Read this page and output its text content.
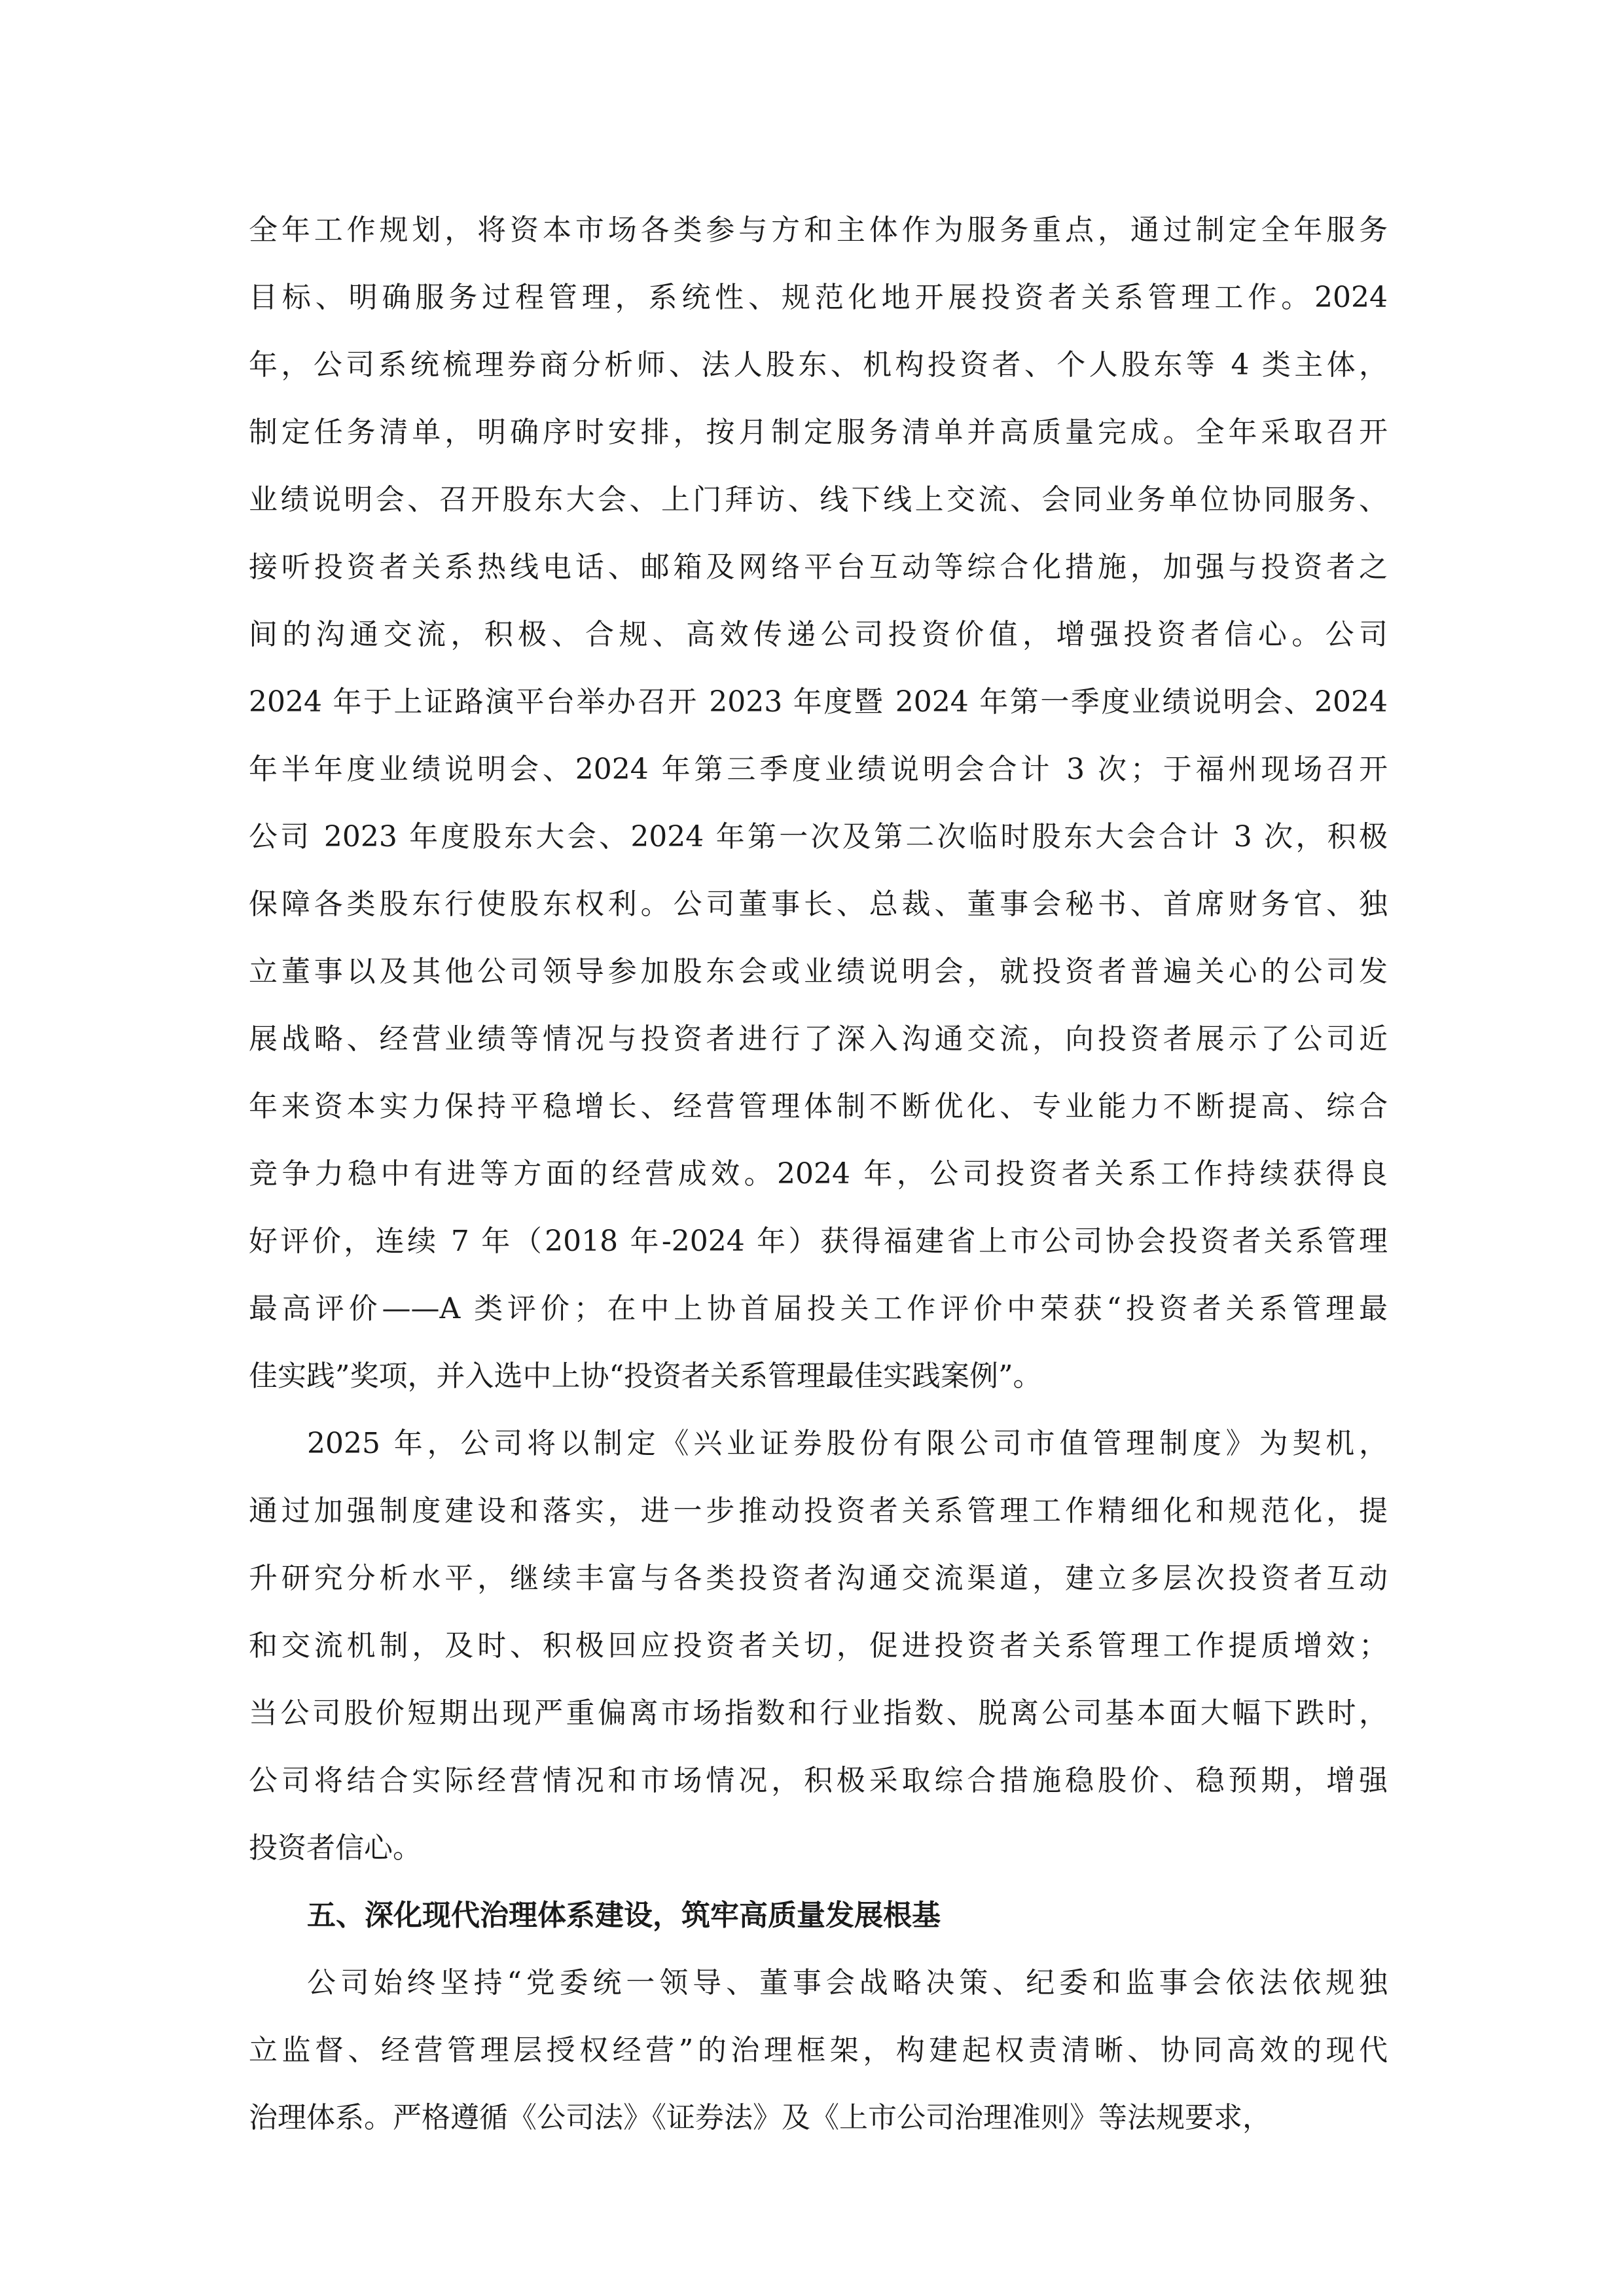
全年工作规划，将资本市场各类参与方和主体作为服务重点，通过制定全年服务
目标、明确服务过程管理，系统性、规范化地开展投资者关系管理工作。2024
年，公司系统梳理券商分析师、法人股东、机构投资者、个人股东等 4 类主体，
制定任务清单，明确序时安排，按月制定服务清单并高质量完成。全年采取召开
业绩说明会、召开股东大会、上门拜访、线下线上交流、会同业务单位协同服务、
接听投资者关系热线电话、邮箱及网络平台互动等综合化措施，加强与投资者之
间的沟通交流，积极、合规、高效传递公司投资价值，增强投资者信心。公司
2024 年于上证路演平台举办召开 2023 年度暨 2024 年第一季度业绩说明会、2024
年半年度业绩说明会、2024 年第三季度业绩说明会合计 3 次；于福州现场召开
公司 2023 年度股东大会、2024 年第一次及第二次临时股东大会合计 3 次，积极
保障各类股东行使股东权利。公司董事长、总裁、董事会秘书、首席财务官、独
立董事以及其他公司领导参加股东会或业绩说明会，就投资者普遍关心的公司发
展战略、经营业绩等情况与投资者进行了深入沟通交流，向投资者展示了公司近
年来资本实力保持平稳增长、经营管理体制不断优化、专业能力不断提高、综合
竞争力稳中有进等方面的经营成效。2024 年，公司投资者关系工作持续获得良
好评价，连续 7 年（2018 年-2024 年）获得福建省上市公司协会投资者关系管理
最高评价——A 类评价；在中上协首届投关工作评价中荣获“投资者关系管理最
佳实践”奖项，并入选中上协“投资者关系管理最佳实践案例”。
2025 年，公司将以制定《兴业证券股份有限公司市值管理制度》为契机，
通过加强制度建设和落实，进一步推动投资者关系管理工作精细化和规范化，提
升研究分析水平，继续丰富与各类投资者沟通交流渠道，建立多层次投资者互动
和交流机制，及时、积极回应投资者关切，促进投资者关系管理工作提质增效；
当公司股价短期出现严重偏离市场指数和行业指数、脱离公司基本面大幅下跌时，
公司将结合实际经营情况和市场情况，积极采取综合措施稳股价、稳预期，增强
投资者信心。
五、深化现代治理体系建设，筑牢高质量发展根基
公司始终坚持“党委统一领导、董事会战略决策、纪委和监事会依法依规独
立监督、经营管理层授权经营”的治理框架，构建起权责清晰、协同高效的现代
治理体系。严格遵循《公司法》《证券法》及《上市公司治理准则》等法规要求，
